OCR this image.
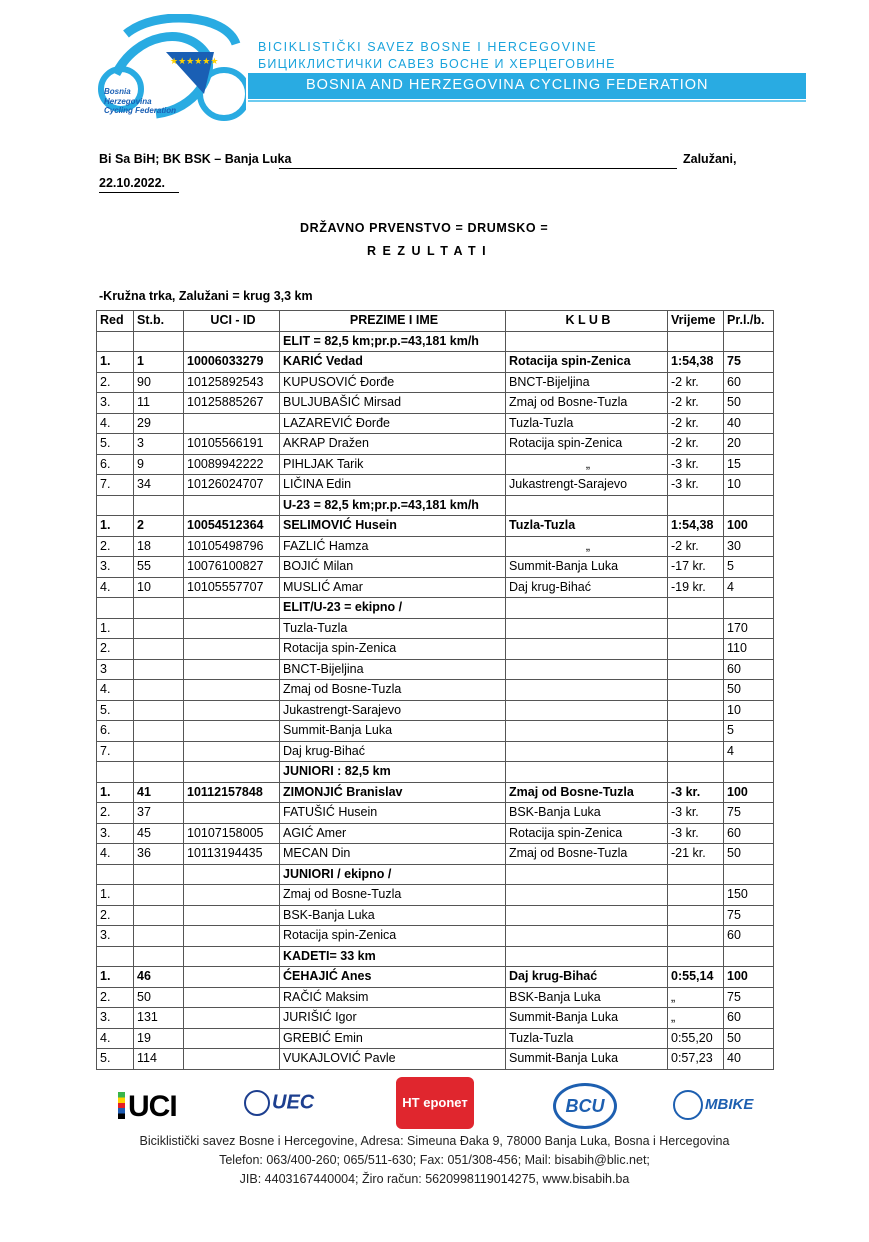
★★★★★★
Bosnia
Herzegovina
Cycling Federation
BICIKLISTIČKI SAVEZ BOSNE I HERCEGOVINE
БИЦИКЛИСТИЧКИ САВЕЗ БОСНЕ И ХЕРЦЕГОВИНЕ
BOSNIA AND HERZEGOVINA CYCLING FEDERATION
Bi Sa BiH; BK BSK – Banja Luka	Zalužani,
22.10.2022.
DRŽAVNO PRVENSTVO = DRUMSKO =
REZULTATI
-Kružna trka, Zalužani = krug 3,3 km
Red	St.b.	UCI - ID	PREZIME I IME	K L U B	Vrijeme	Pr.l./b.
			ELIT = 82,5 km;pr.p.=43,181 km/h			
1.	1	10006033279	KARIĆ Vedad	Rotacija spin-Zenica	1:54,38	75
2.	90	10125892543	KUPUSOVIĆ Đorđe	BNCT-Bijeljina	-2 kr.	60
3.	11	10125885267	BULJUBAŠIĆ Mirsad	Zmaj od Bosne-Tuzla	-2 kr.	50
4.	29		LAZAREVIĆ Đorđe	Tuzla-Tuzla	-2 kr.	40
5.	3	10105566191	AKRAP Dražen	Rotacija spin-Zenica	-2 kr.	20
6.	9	10089942222	PIHLJAK Tarik	„	-3 kr.	15
7.	34	10126024707	LIČINA Edin	Jukastrengt-Sarajevo	-3 kr.	10
			U-23 = 82,5 km;pr.p.=43,181 km/h			
1.	2	10054512364	SELIMOVIĆ Husein	Tuzla-Tuzla	1:54,38	100
2.	18	10105498796	FAZLIĆ Hamza	„	-2 kr.	30
3.	55	10076100827	BOJIĆ Milan	Summit-Banja Luka	-17 kr.	5
4.	10	10105557707	MUSLIĆ Amar	Daj krug-Bihać	-19 kr.	4
			ELIT/U-23 = ekipno /			
1.			Tuzla-Tuzla			170
2.			Rotacija spin-Zenica			110
3			BNCT-Bijeljina			60
4.			Zmaj od Bosne-Tuzla			50
5.			Jukastrengt-Sarajevo			10
6.			Summit-Banja Luka			5
7.			Daj krug-Bihać			4
			JUNIORI : 82,5 km			
1.	41	10112157848	ZIMONJIĆ Branislav	Zmaj od Bosne-Tuzla	-3 kr.	100
2.	37		FATUŠIĆ Husein	BSK-Banja Luka	-3 kr.	75
3.	45	10107158005	AGIĆ Amer	Rotacija spin-Zenica	-3 kr.	60
4.	36	10113194435	MECAN Din	Zmaj od Bosne-Tuzla	-21 kr.	50
			JUNIORI / ekipno /			
1.			Zmaj od Bosne-Tuzla			150
2.			BSK-Banja Luka			75
3.			Rotacija spin-Zenica			60
			KADETI= 33 km			
1.	46		ĆEHAJIĆ Anes	Daj krug-Bihać	0:55,14	100
2.	50		RAČIĆ Maksim	BSK-Banja Luka	„	75
3.	131		JURIŠIĆ Igor	Summit-Banja Luka	„	60
4.	19		GREBIĆ Emin	Tuzla-Tuzla	0:55,20	50
5.	114		VUKAJLOVIĆ Pavle	Summit-Banja Luka	0:57,23	40
UCI	UEC	НТ ероnет	BCU	MBIKE
Biciklistički savez Bosne i Hercegovine, Adresa: Simeuna Đaka 9, 78000 Banja Luka, Bosna i Hercegovina
Telefon: 063/400-260; 065/511-630; Fax: 051/308-456; Mail: bisabih@blic.net;
JIB: 4403167440004; Žiro račun: 5620998119014275, www.bisabih.ba
